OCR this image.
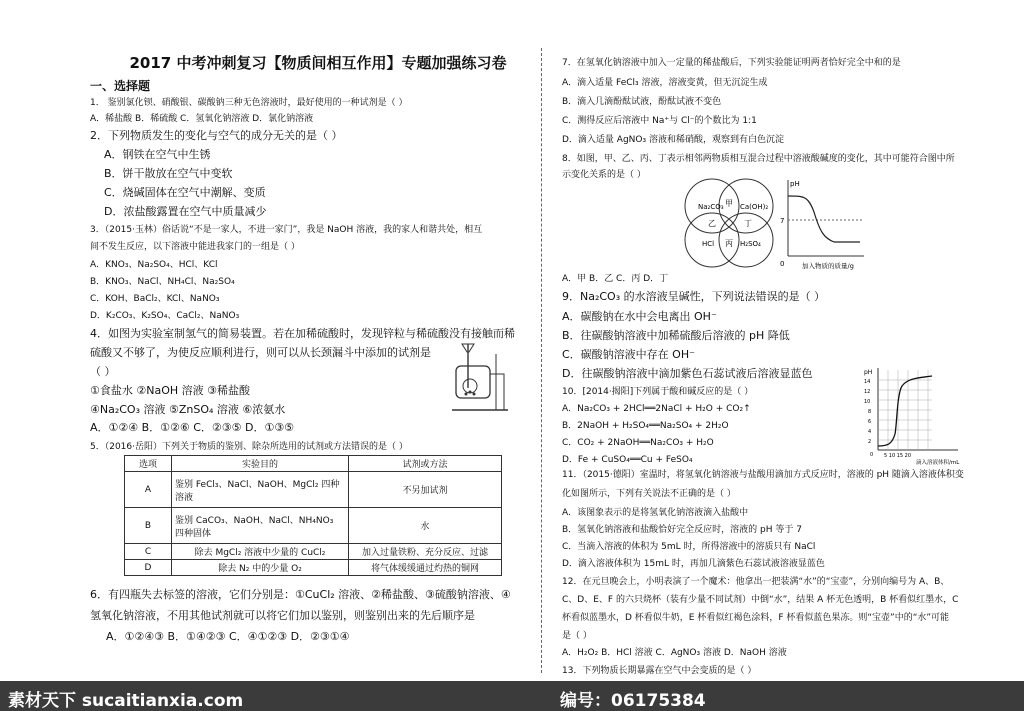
2017 中考冲刺复习【物质间相互作用】专题加强练习卷
一、选择题
1． 鉴别氯化钡、硝酸银、碳酸钠三种无色溶液时，最好使用的一种试剂是（ ）
A．稀盐酸 B．稀硫酸 C．氢氧化钠溶液 D．氯化钠溶液
2．下列物质发生的变化与空气的成分无关的是（ ）
A．钢铁在空气中生锈
B．饼干散放在空气中变软
C．烧碱固体在空气中潮解、变质
D．浓盐酸露置在空气中质量减少
3．（2015·玉林）俗话说“不是一家人，不进一家门”，我是 NaOH 溶液，我的家人和谐共处，相互
间不发生反应，以下溶液中能进我家门的一组是（ ）
A．KNO₃、Na₂SO₄、HCl、KCl
B．KNO₃、NaCl、NH₄Cl、Na₂SO₄
C．KOH、BaCl₂、KCl、NaNO₃
D．K₂CO₃、K₂SO₄、CaCl₂、NaNO₃
4．如图为实验室制氢气的简易装置。若在加稀硫酸时，发现锌粒与稀硫酸没有接触而稀
硫酸又不够了，为使反应顺利进行，则可以从长颈漏斗中添加的试剂是
（ ）
①食盐水 ②NaOH 溶液 ③稀盐酸
④Na₂CO₃ 溶液 ⑤ZnSO₄ 溶液 ⑥浓氨水
A．①②④ B．①②⑥ C．②③⑤ D．①③⑤
5．（2016·岳阳）下列关于物质的鉴别、除杂所选用的试剂或方法错误的是（ ）
选项	实验目的	试剂或方法
A	鉴别 FeCl₃、NaCl、NaOH、MgCl₂ 四种溶液	不另加试剂
B	鉴别 CaCO₃、NaOH、NaCl、NH₄NO₃ 四种固体	水
C	除去 MgCl₂ 溶液中少量的 CuCl₂	加入过量铁粉、充分反应、过滤
D	除去 N₂ 中的少量 O₂	将气体缓缓通过灼热的铜网
6．有四瓶失去标签的溶液，它们分别是：①CuCl₂ 溶液、②稀盐酸、③硫酸钠溶液、④
氢氧化钠溶液，不用其他试剂就可以将它们加以鉴别，则鉴别出来的先后顺序是
A．①②④③ B．①④②③ C．④①②③ D．②③①④
7．在氢氧化钠溶液中加入一定量的稀盐酸后，下列实验能证明两者恰好完全中和的是
A．滴入适量 FeCl₃ 溶液，溶液变黄，但无沉淀生成
B．滴入几滴酚酞试液，酚酞试液不变色
C．测得反应后溶液中 Na⁺与 Cl⁻的个数比为 1:1
D．滴入适量 AgNO₃ 溶液和稀硝酸，观察到有白色沉淀
8．如图，甲、乙、丙、丁表示相邻两物质相互混合过程中溶液酸碱度的变化，其中可能符合图中所
示变化关系的是（ ）
Na₂CO₃ Ca(OH)₂
HCl	H₂SO₄
甲
乙
丙
丁
pH
7
0	加入物质的质量/g
A．甲 B．乙 C．丙 D．丁
9．Na₂CO₃ 的水溶液呈碱性，下列说法错误的是（ ）
A．碳酸钠在水中会电离出 OH⁻
B．往碳酸钠溶液中加稀硫酸后溶液的 pH 降低
C．碳酸钠溶液中存在 OH⁻
D．往碳酸钠溶液中滴加紫色石蕊试液后溶液显蓝色
10．[2014·揭阳]下列属于酸和碱反应的是（ ）
A．Na₂CO₃ + 2HCl══2NaCl + H₂O + CO₂↑
B．2NaOH + H₂SO₄══Na₂SO₄ + 2H₂O
C．CO₂ + 2NaOH══Na₂CO₃ + H₂O
D．Fe + CuSO₄══Cu + FeSO₄
pH
14
12
10
8
6
4
2
0 5 10 15 20
滴入溶液体积/mL
11．（2015·德阳）室温时，将氢氧化钠溶液与盐酸用滴加方式反应时，溶液的 pH 随滴入溶液体积变
化如图所示，下列有关说法不正确的是（ ）
A．该图象表示的是将氢氧化钠溶液滴入盐酸中
B．氢氧化钠溶液和盐酸恰好完全反应时，溶液的 pH 等于 7
C．当滴入溶液的体积为 5mL 时，所得溶液中的溶质只有 NaCl
D．滴入溶液体积为 15mL 时，再加几滴紫色石蕊试液溶液显蓝色
12．在元旦晚会上，小明表演了一个魔术：他拿出一把装满“水”的“宝壶”，分别向编号为 A、B、
C、D、E、F 的六只烧杯（装有少量不同试剂）中倒“水”，结果 A 杯无色透明，B 杯看似红墨水，C
杯看似蓝墨水，D 杯看似牛奶，E 杯看似红褐色涂料，F 杯看似蓝色果冻。则“宝壶”中的“水”可能
是（ ）
A．H₂O₂ B．HCl 溶液 C．AgNO₃ 溶液 D．NaOH 溶液
13．下列物质长期暴露在空气中会变质的是（ ）
素材天下 sucaitianxia.com	编号：06175384
